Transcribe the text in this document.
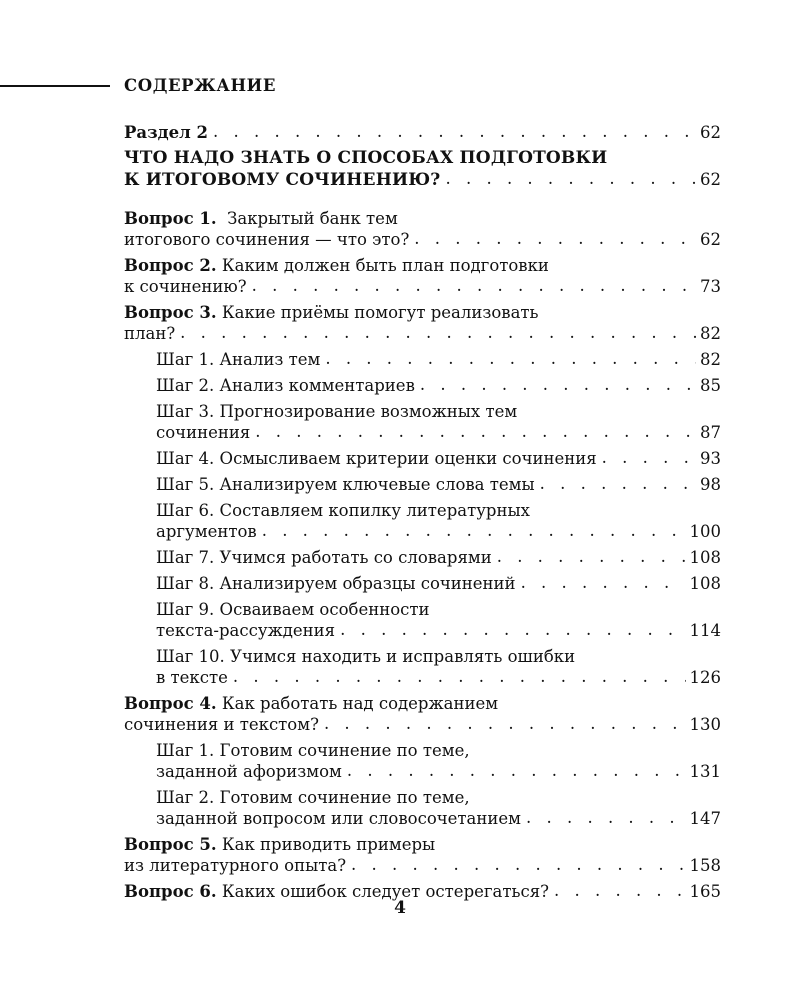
СОДЕРЖАНИЕ
Раздел 2 . . .	62
ЧТО НАДО ЗНАТЬ О СПОСОБАХ ПОДГОТОВКИ
К ИТОГОВОМУ СОЧИНЕНИЮ? . . .	62
Вопрос 1. Закрытый банк тем
итогового сочинения — что это? . . .	62
Вопрос 2. Каким должен быть план подготовки
к сочинению? . . .	73
Вопрос 3. Какие приёмы помогут реализовать
план? . . .	82
Шаг 1. Анализ тем . . .	82
Шаг 2. Анализ комментариев . . .	85
Шаг 3. Прогнозирование возможных тем
сочинения . . .	87
Шаг 4. Осмысливаем критерии оценки сочинения . . .	93
Шаг 5. Анализируем ключевые слова темы . . .	98
Шаг 6. Составляем копилку литературных
аргументов . . .	100
Шаг 7. Учимся работать со словарями . . .	108
Шаг 8. Анализируем образцы сочинений . . .	108
Шаг 9. Осваиваем особенности
текста-рассуждения . . .	114
Шаг 10. Учимся находить и исправлять ошибки
в тексте . . .	126
Вопрос 4. Как работать над содержанием
сочинения и текстом? . . .	130
Шаг 1. Готовим сочинение по теме,
заданной афоризмом . . .	131
Шаг 2. Готовим сочинение по теме,
заданной вопросом или словосочетанием . . .	147
Вопрос 5. Как приводить примеры
из литературного опыта? . . .	158
Вопрос 6. Каких ошибок следует остерегаться? . . .	165
4
